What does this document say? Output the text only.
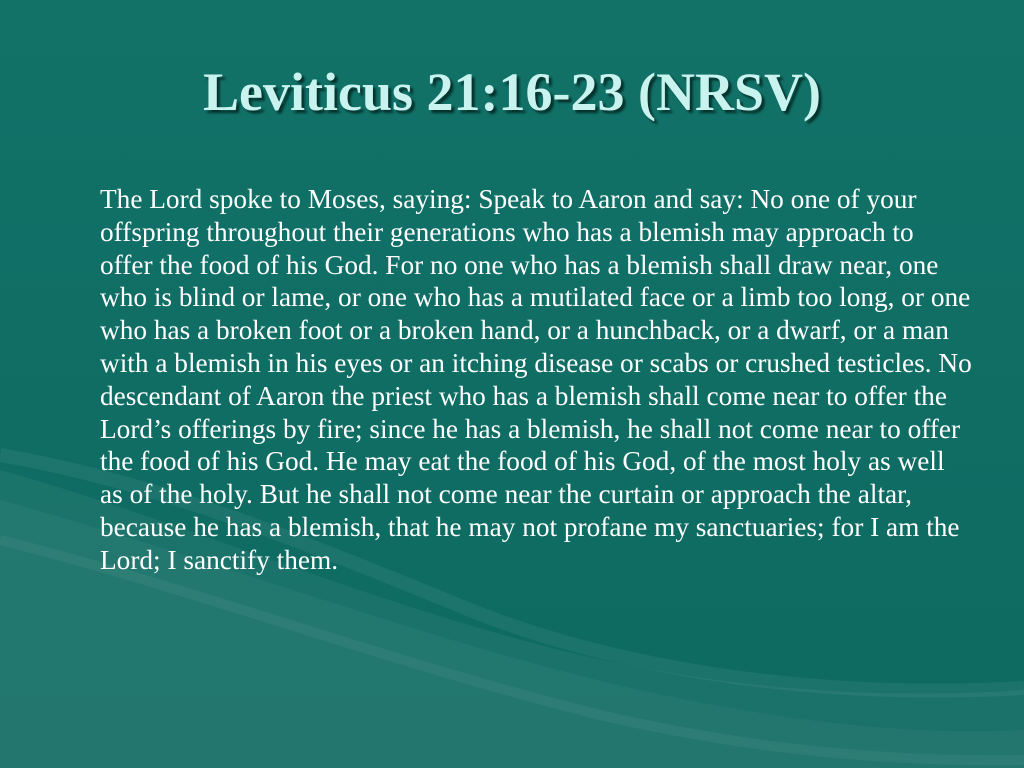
Leviticus 21:16-23 (NRSV)

The Lord spoke to Moses, saying: Speak to Aaron and say: No one of your offspring throughout their generations who has a blemish may approach to offer the food of his God. For no one who has a blemish shall draw near, one who is blind or lame, or one who has a mutilated face or a limb too long, or one who has a broken foot or a broken hand, or a hunchback, or a dwarf, or a man with a blemish in his eyes or an itching disease or scabs or crushed testicles. No descendant of Aaron the priest who has a blemish shall come near to offer the Lord’s offerings by fire; since he has a blemish, he shall not come near to offer the food of his God. He may eat the food of his God, of the most holy as well as of the holy. But he shall not come near the curtain or approach the altar, because he has a blemish, that he may not profane my sanctuaries; for I am the Lord; I sanctify them.
